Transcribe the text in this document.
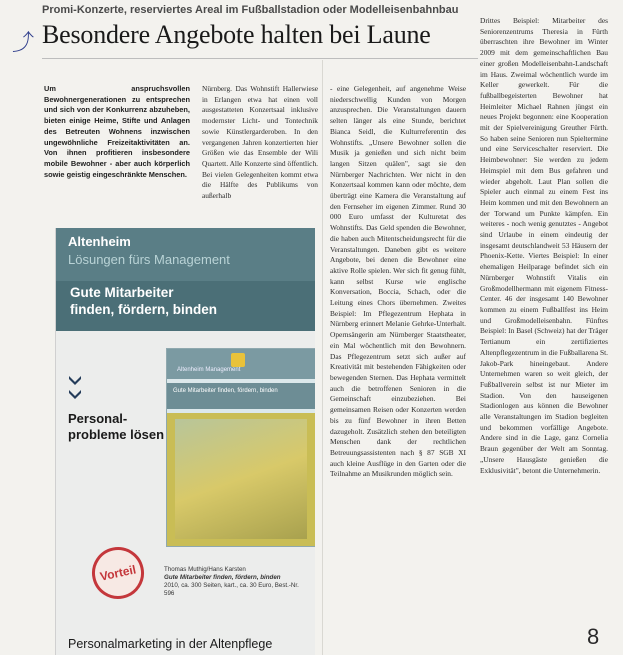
⤴
Promi-Konzerte, reserviertes Areal im Fußballstadion oder Modelleisenbahnbau
Besondere Angebote halten bei Laune

Um anspruchsvollen Bewohnergenerationen zu entsprechen und sich von der Konkurrenz abzuheben, bieten einige Heime, Stifte und Anlagen des Betreuten Wohnens inzwischen ungewöhnliche Freizeitaktivitäten an. Von ihnen profitieren insbesondere mobile Bewohner - aber auch körperlich sowie geistig eingeschränkte Menschen.

Nürnberg. Das Wohnstift Hallerwiese in Erlangen etwa hat einen voll ausgestatteten Konzertsaal inklusive modernster Licht- und Tontechnik sowie Künstlergarderoben. In den vergangenen Jahren konzertierten hier Größen wie das Ensemble der Wili Quartett. Alle Konzerte sind öffentlich. Bei vielen Gelegenheiten kommt etwa die Hälfte des Publikums von außerhalb

- eine Gelegenheit, auf angenehme Weise niederschwellig Kunden von Morgen anzusprechen. Die Veranstaltungen dauern selten länger als eine Stunde, berichtet Bianca Seidl, die Kulturreferentin des Wohnstifts. „Unsere Bewohner sollen die Musik ja genießen und sich nicht beim langen Sitzen quälen", sagt sie den Nürnberger Nachrichten. Wer nicht in den Konzertsaal kommen kann oder möchte, dem überträgt eine Kamera die Veranstaltung auf den Fernseher im eigenen Zimmer. Rund 30 000 Euro umfasst der Kulturetat des Wohnstifts. Das Geld spenden die Bewohner, die haben auch Mitentscheidungsrecht für die Veranstaltungen. Daneben gibt es weitere Angebote, bei denen die Bewohner eine aktive Rolle spielen. Wer sich fit genug fühlt, kann selbst Kurse wie englische Konversation, Boccia, Schach, oder die Leitung eines Chors übernehmen. Zweites Beispiel: Im Pflegezentrum Hephata in Nürnberg erinnert Melanie Gehrke-Unterhalt. Opernsängerin am Nürnberger Staatstheater, ein Mal wöchentlich mit den Bewohnern. Das Pflegezentrum setzt sich außer auf Kreativität mit bestehenden Fähigkeiten oder bewegenden Sternen. Das Hephata vermittelt auch die betroffenen Senioren in die Gemeinschaft einzubeziehen. Bei gemeinsamen Reisen oder Konzerten werden bis zu fünf Bewohner in ihren Betten dazugeholt. Zusätzlich stehen den beteiligten Menschen dank der rechtlichen Betreuungsassistenten nach § 87 SGB XI auch kleine Ausflüge in den Garten oder die Teilnahme an Musikrunden möglich sein.

Drittes Beispiel: Mitarbeiter des Seniorenzentrums Theresia in Fürth überraschten ihre Bewohner im Winter 2009 mit dem gemeinschaftlichen Bau einer großen Modelleisenbahn-Landschaft im Haus. Zweimal wöchentlich wurde im Keller gewerkelt. Für die fußballbegeisterten Bewohner hat Heimleiter Michael Rahnen jüngst ein neues Projekt begonnen: eine Kooperation mit der Spielvereinigung Greuther Fürth. So haben seine Senioren nun Spieltermine und eine Serviceschalter reserviert. Die Heimbewohner: Sie werden zu jedem Heimspiel mit dem Bus gefahren und wieder abgeholt. Laut Plan sollen die Spieler auch einmal zu einem Fest ins Heim kommen und mit den Bewohnern an der Torwand um Punkte kämpfen. Ein weiteres - noch wenig genutztes - Angebot sind Urlaube in einem eindeutig der insgesamt deutschlandweit 53 Häusern der Phoenix-Kette. Viertes Beispiel: In einer ehemaligen Heilparage befindet sich ein Nürnberger Wohnstift Vitalis ein Großmodellhermann mit eigenem Fitness-Center. 46 der insgesamt 140 Bewohner kommen zu einem Fußballfest ins Heim und Großmodelleisenbahn. Fünftes Beispiel: In Basel (Schweiz) hat der Träger Tertianum ein zertifiziertes Altenpflegezentrum in die Fußballarena St. Jakob-Park hineingebaut. Andere Unternehmen waren so weit gleich, der Fußballverein selbst ist nur Mieter im Stadion. Von den hauseigenen Stadionlogen aus können die Bewohner alle Veranstaltungen im Stadion begleiten und bekommen vorfällige Angebote. Andere sind in die Lage, ganz Cornelia Braun gegenüber der Welt am Sonntag. „Unsere Hausgäste genießen die Exklusivität", betont die Unternehmerin.

Altenheim
Lösungen fürs Management
Gute Mitarbeiter
finden, fördern, binden
Personal-
probleme lösen
Altenheim Management
Gute Mitarbeiter finden, fördern, binden
Vorteil	Thomas Muthig/Hans Karsten
Gute Mitarbeiter finden, fördern, binden
2010, ca. 300 Seiten, kart., ca. 30 Euro, Best.-Nr. 596
Personalmarketing in der Altenpflege	8
